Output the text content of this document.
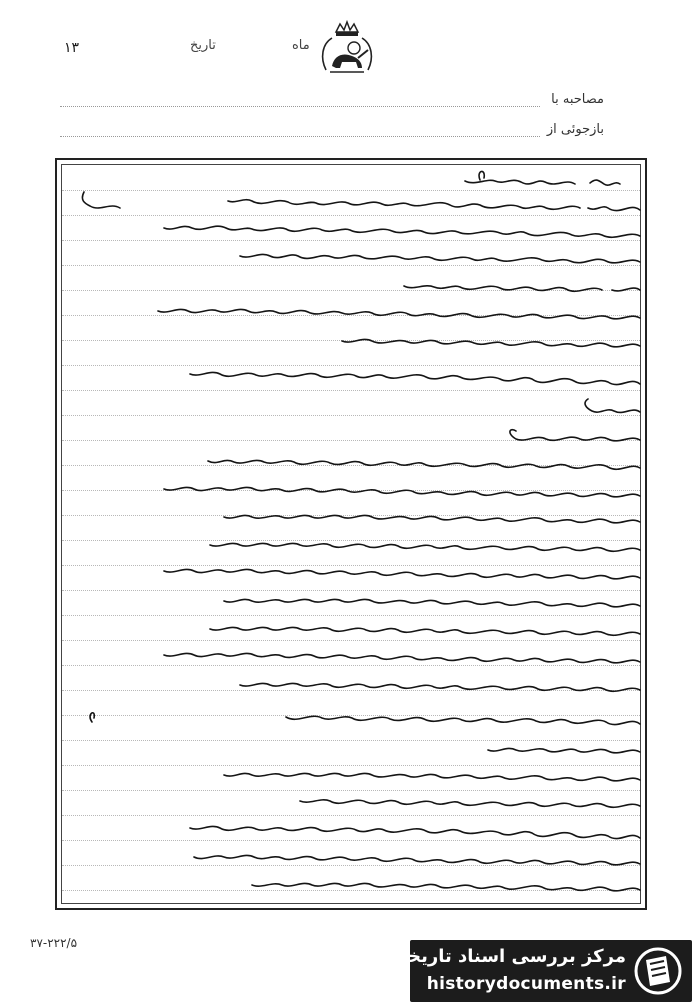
۱۳	ماه
تاریخ
مصاحبه با
بازجوئی از
۳۷-۲۲۲/۵
مرکز بررسی اسناد تاریخی
historydocuments.ir
